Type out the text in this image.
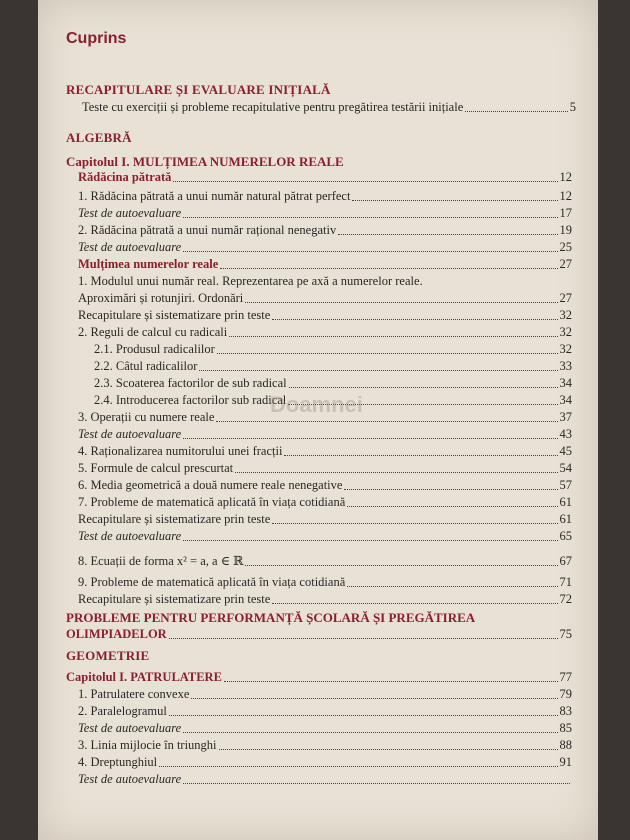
Cuprins
RECAPITULARE ȘI EVALUARE INIȚIALĂ
Teste cu exerciții și probleme recapitulative pentru pregătirea testării inițiale	5
ALGEBRĂ
Capitolul I. MULȚIMEA NUMERELOR REALE
Rădăcina pătrată	12
1. Rădăcina pătrată a unui număr natural pătrat perfect	12
Test de autoevaluare	17
2. Rădăcina pătrată a unui număr rațional nenegativ	19
Test de autoevaluare	25
Mulțimea numerelor reale	27
1. Modulul unui număr real. Reprezentarea pe axă a numerelor reale.
Aproximări și rotunjiri. Ordonări	27
Recapitulare și sistematizare prin teste	32
2. Reguli de calcul cu radicali	32
2.1. Produsul radicalilor	32
2.2. Câtul radicalilor	33
2.3. Scoaterea factorilor de sub radical	34
2.4. Introducerea factorilor sub radical	34
3. Operații cu numere reale	37
Test de autoevaluare	43
4. Raționalizarea numitorului unei fracții	45
5. Formule de calcul prescurtat	54
6. Media geometrică a două numere reale nenegative	57
7. Probleme de matematică aplicată în viața cotidiană	61
Recapitulare și sistematizare prin teste	61
Test de autoevaluare	65
8. Ecuații de forma x² = a, a ∈ ℝ	67
9. Probleme de matematică aplicată în viața cotidiană	71
Recapitulare și sistematizare prin teste	72
PROBLEME PENTRU PERFORMANȚĂ ȘCOLARĂ ȘI PREGĂTIREA
OLIMPIADELOR	75
GEOMETRIE
Capitolul I. PATRULATERE	77
1. Patrulatere convexe	79
2. Paralelogramul	83
Test de autoevaluare	85
3. Linia mijlocie în triunghi	88
4. Dreptunghiul	91
Test de autoevaluare
Doamnei
